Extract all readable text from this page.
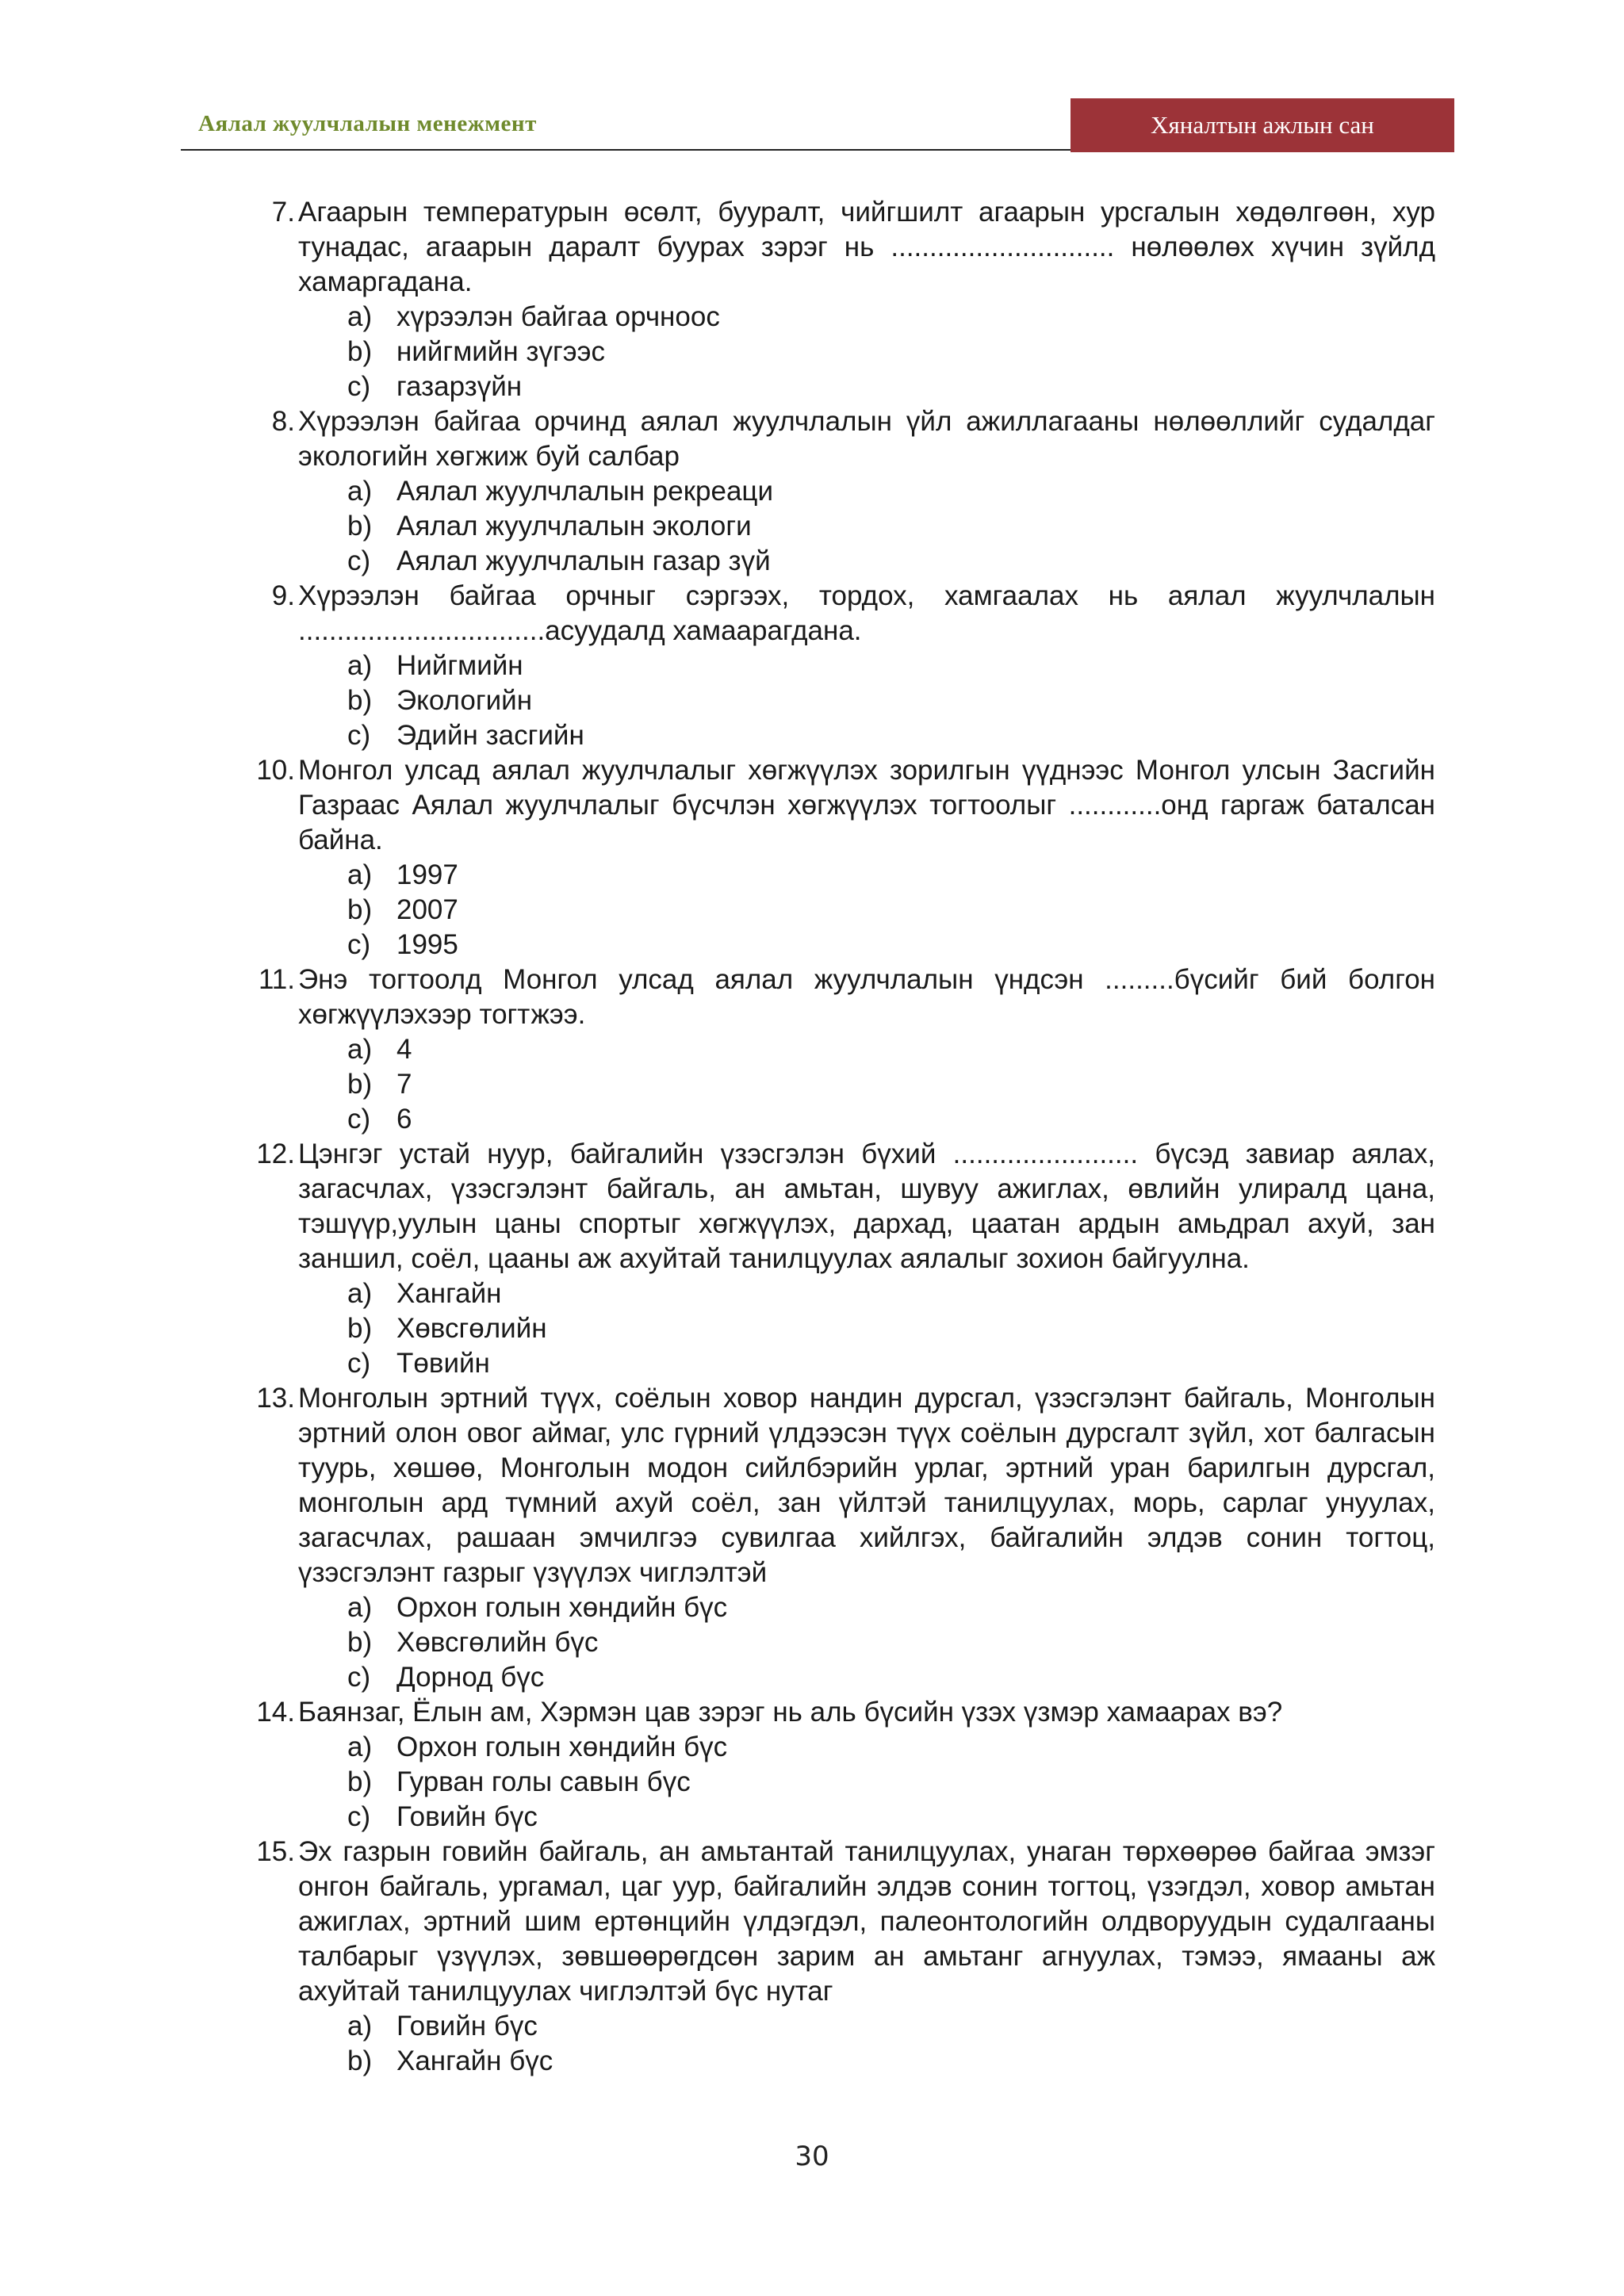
Аялал жуулчлалын менежмент	Хяналтын ажлын сан
7. Агаарын температурын өсөлт, бууралт, чийгшилт агаарын урсгалын хөдөлгөөн, хур тунадас, агаарын даралт буурах зэрэг нь ............................. нөлөөлөх хүчин зүйлд хамаргадана.
a) хүрээлэн байгаа орчноос
b) нийгмийн зүгээс
c) газарзүйн
8. Хүрээлэн байгаа орчинд аялал жуулчлалын үйл ажиллагааны нөлөөллийг судалдаг экологийн хөгжиж буй салбар
a) Аялал жуулчлалын рекреаци
b) Аялал жуулчлалын экологи
c) Аялал жуулчлалын газар зүй
9. Хүрээлэн байгаа орчныг сэргээх, тордох, хамгаалах нь аялал жуулчлалын ................................асуудалд хамаарагдана.
a) Нийгмийн
b) Экологийн
c) Эдийн засгийн
10. Монгол улсад аялал жуулчлалыг хөгжүүлэх зорилгын үүднээс Монгол улсын Засгийн Газраас Аялал жуулчлалыг бүсчлэн хөгжүүлэх тогтоолыг ............онд гаргаж баталсан байна.
a) 1997
b) 2007
c) 1995
11. Энэ тогтоолд Монгол улсад аялал жуулчлалын үндсэн .........бүсийг бий болгон хөгжүүлэхээр тогтжээ.
a) 4
b) 7
c) 6
12. Цэнгэг устай нуур, байгалийн үзэсгэлэн бүхий ........................ бүсэд завиар аялах, загасчлах, үзэсгэлэнт байгаль, ан амьтан, шувуу ажиглах, өвлийн улиралд цана, тэшүүр,уулын цаны спортыг хөгжүүлэх, дархад, цаатан ардын амьдрал ахуй, зан заншил, соёл, цааны аж ахуйтай танилцуулах аялалыг зохион байгуулна.
a) Хангайн
b) Хөвсгөлийн
c) Төвийн
13. Монголын эртний түүх, соёлын ховор нандин дурсгал, үзэсгэлэнт байгаль, Монголын эртний олон овог аймаг, улс гүрний үлдээсэн түүх соёлын дурсгалт зүйл, хот балгасын туурь, хөшөө, Монголын модон сийлбэрийн урлаг, эртний уран барилгын дурсгал, монголын ард түмний ахуй соёл, зан үйлтэй танилцуулах, морь, сарлаг унуулах, загасчлах, рашаан эмчилгээ сувилгаа хийлгэх, байгалийн элдэв сонин тогтоц, үзэсгэлэнт газрыг үзүүлэх чиглэлтэй
a) Орхон голын хөндийн бүс
b) Хөвсгөлийн бүс
c) Дорнод бүс
14. Баянзаг, Ёлын ам, Хэрмэн цав зэрэг нь аль бүсийн үзэх үзмэр хамаарах вэ?
a) Орхон голын хөндийн бүс
b) Гурван голы савын бүс
c) Говийн бүс
15. Эх газрын говийн байгаль, ан амьтантай танилцуулах, унаган төрхөөрөө байгаа эмзэг онгон байгаль, ургамал, цаг уур, байгалийн элдэв сонин тогтоц, үзэгдэл, ховор амьтан ажиглах, эртний шим ертөнцийн үлдэгдэл, палеонтологийн олдворуудын судалгааны талбарыг үзүүлэх, зөвшөөрөгдсөн зарим ан амьтанг агнуулах, тэмээ, ямааны аж ахуйтай танилцуулах чиглэлтэй бүс нутаг
a) Говийн бүс
b) Хангайн бүс
30
